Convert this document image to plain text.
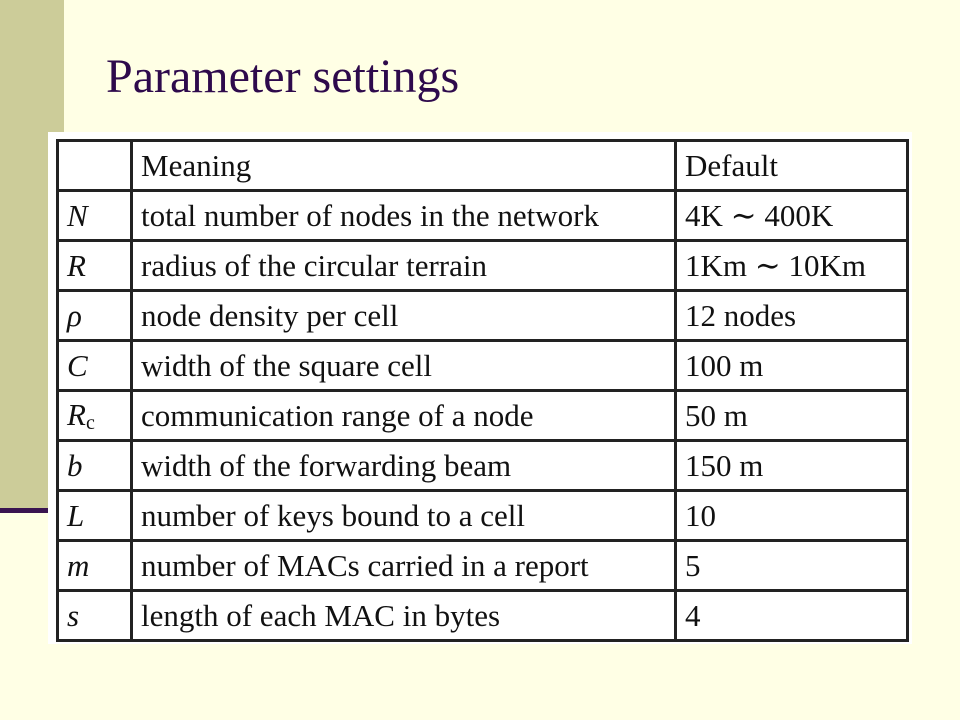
Parameter settings
	Meaning	Default
N	total number of nodes in the network	4K ∼ 400K
R	radius of the circular terrain	1Km ∼ 10Km
ρ	node density per cell	12 nodes
C	width of the square cell	100 m
$R_c$	communication range of a node	50 m
b	width of the forwarding beam	150 m
L	number of keys bound to a cell	10
m	number of MACs carried in a report	5
s	length of each MAC in bytes	4
